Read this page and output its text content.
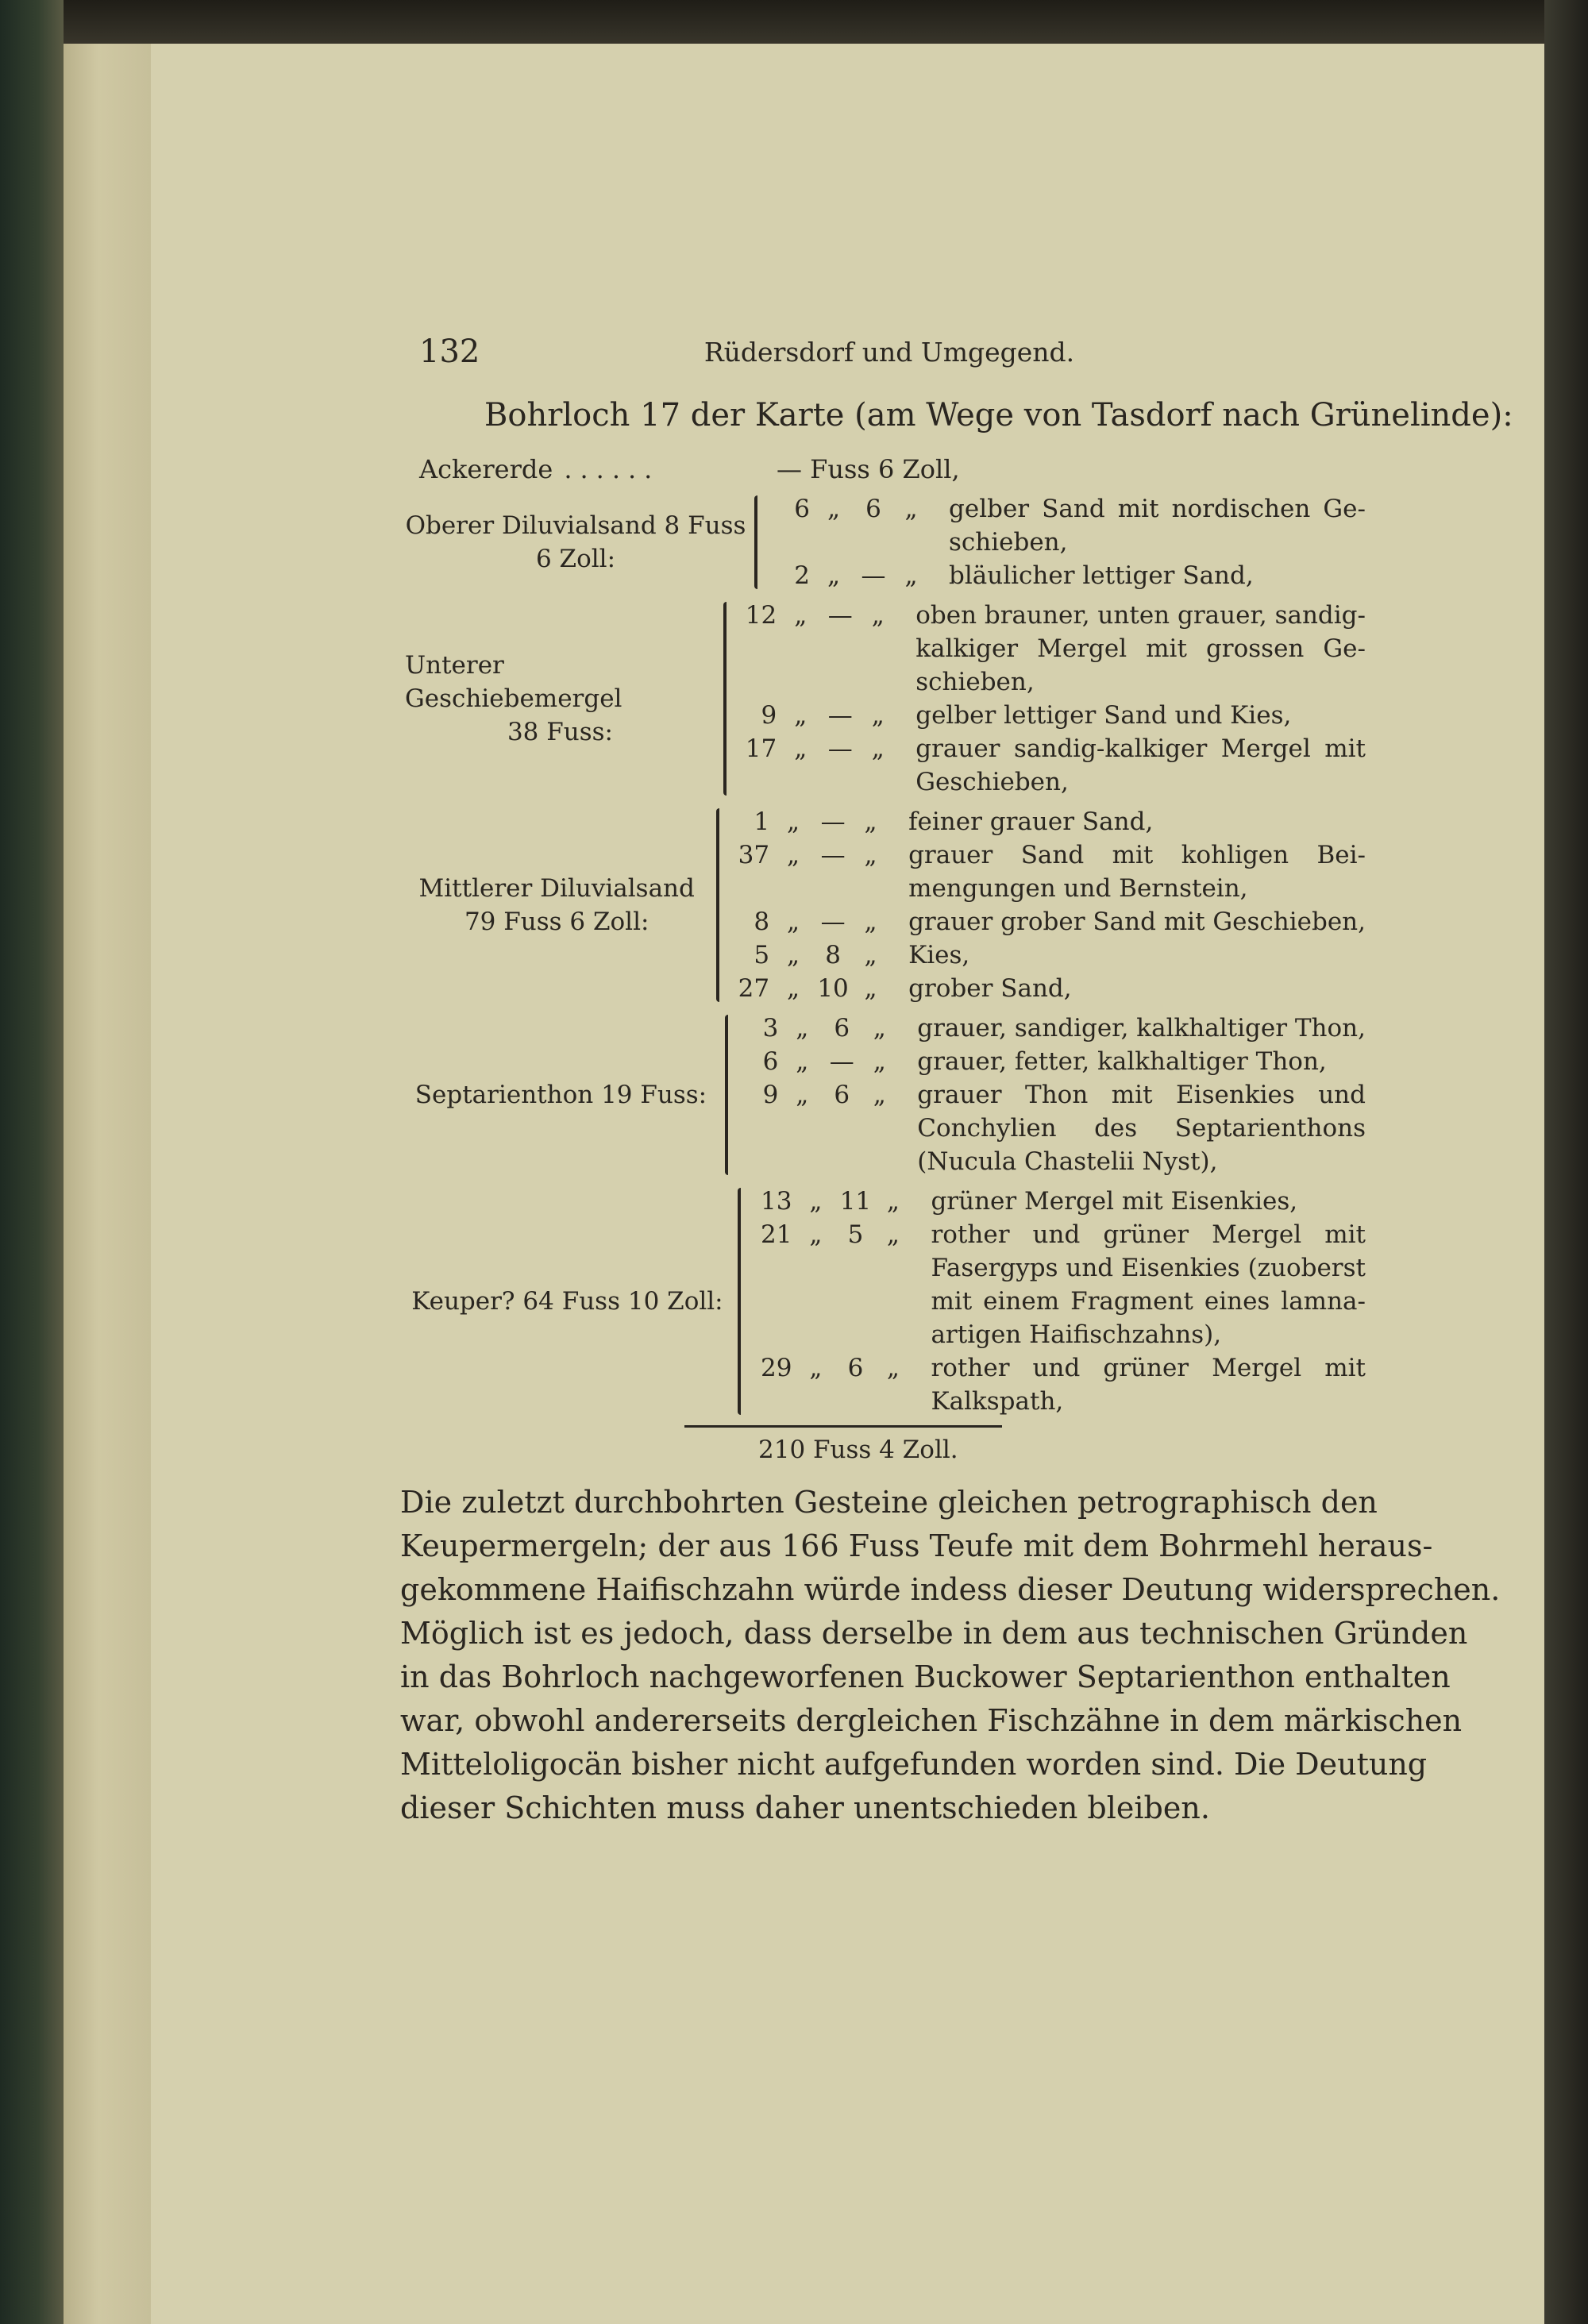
132	Rüdersdorf und Umgegend.
Bohrloch 17 der Karte (am Wege von Tasdorf nach Grünelinde):
Ackererde ......	— Fuss 6 Zoll,
Oberer Diluvialsand 8 Fuss
6 Zoll:
6 „	6 „	gelber Sand mit nordischen Ge-
schieben,
2 „ — „	bläulicher lettiger Sand,
Unterer Geschiebemergel
38 Fuss:
12 „ — „	oben brauner, unten grauer, sandig-
kalkiger Mergel mit grossen Ge-
schieben,
9 „ — „	gelber lettiger Sand und Kies,
17 „ — „	grauer sandig-kalkiger Mergel mit
Geschieben,
Mittlerer Diluvialsand
79 Fuss 6 Zoll:
1 „ — „	feiner grauer Sand,
37 „ — „	grauer Sand mit kohligen Bei-
mengungen und Bernstein,
8 „ — „	grauer grober Sand mit Geschieben,
5 „	8 „	Kies,
27 „ 10 „	grober Sand,
Septarienthon 19 Fuss:
3 „	6 „	grauer, sandiger, kalkhaltiger Thon,
6 „ — „	grauer, fetter, kalkhaltiger Thon,
9 „	6 „	grauer Thon mit Eisenkies und
Conchylien des Septarienthons
(Nucula Chastelii Nyst),
Keuper? 64 Fuss 10 Zoll:
13 „ 11 „	grüner Mergel mit Eisenkies,
21 „	5 „	rother und grüner Mergel mit
Fasergyps und Eisenkies (zuoberst
mit einem Fragment eines lamna-
artigen Haifischzahns),
29 „	6 „	rother und grüner Mergel mit
Kalkspath,
210 Fuss 4 Zoll.
Die zuletzt durchbohrten Gesteine gleichen petrographisch den
Keupermergeln; der aus 166 Fuss Teufe mit dem Bohrmehl heraus-
gekommene Haifischzahn würde indess dieser Deutung widersprechen.
Möglich ist es jedoch, dass derselbe in dem aus technischen Gründen
in das Bohrloch nachgeworfenen Buckower Septarienthon enthalten
war, obwohl andererseits dergleichen Fischzähne in dem märkischen
Mitteloligocän bisher nicht aufgefunden worden sind. Die Deutung
dieser Schichten muss daher unentschieden bleiben.
